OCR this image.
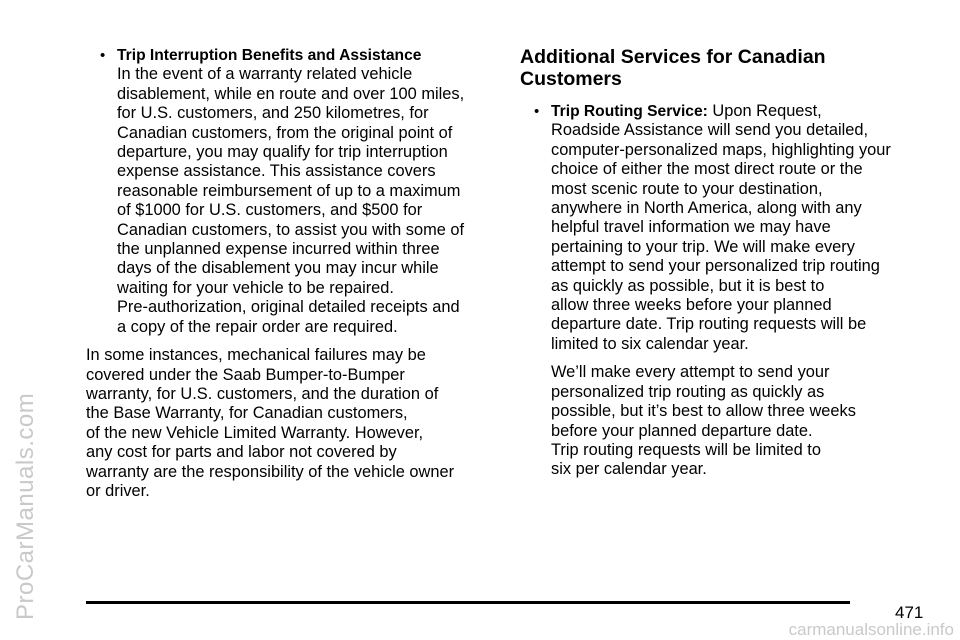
ProCarManuals.com
carmanualsonline.info
• Trip Interruption Benefits and Assistance
In the event of a warranty related vehicle
disablement, while en route and over 100 miles,
for U.S. customers, and 250 kilometres, for
Canadian customers, from the original point of
departure, you may qualify for trip interruption
expense assistance. This assistance covers
reasonable reimbursement of up to a maximum
of $1000 for U.S. customers, and $500 for
Canadian customers, to assist you with some of
the unplanned expense incurred within three
days of the disablement you may incur while
waiting for your vehicle to be repaired.
Pre-authorization, original detailed receipts and
a copy of the repair order are required.
In some instances, mechanical failures may be
covered under the Saab Bumper-to-Bumper
warranty, for U.S. customers, and the duration of
the Base Warranty, for Canadian customers,
of the new Vehicle Limited Warranty. However,
any cost for parts and labor not covered by
warranty are the responsibility of the vehicle owner
or driver.
Additional Services for Canadian
Customers
• Trip Routing Service: Upon Request,
Roadside Assistance will send you detailed,
computer-personalized maps, highlighting your
choice of either the most direct route or the
most scenic route to your destination,
anywhere in North America, along with any
helpful travel information we may have
pertaining to your trip. We will make every
attempt to send your personalized trip routing
as quickly as possible, but it is best to
allow three weeks before your planned
departure date. Trip routing requests will be
limited to six calendar year.
We’ll make every attempt to send your
personalized trip routing as quickly as
possible, but it’s best to allow three weeks
before your planned departure date.
Trip routing requests will be limited to
six per calendar year.
471
